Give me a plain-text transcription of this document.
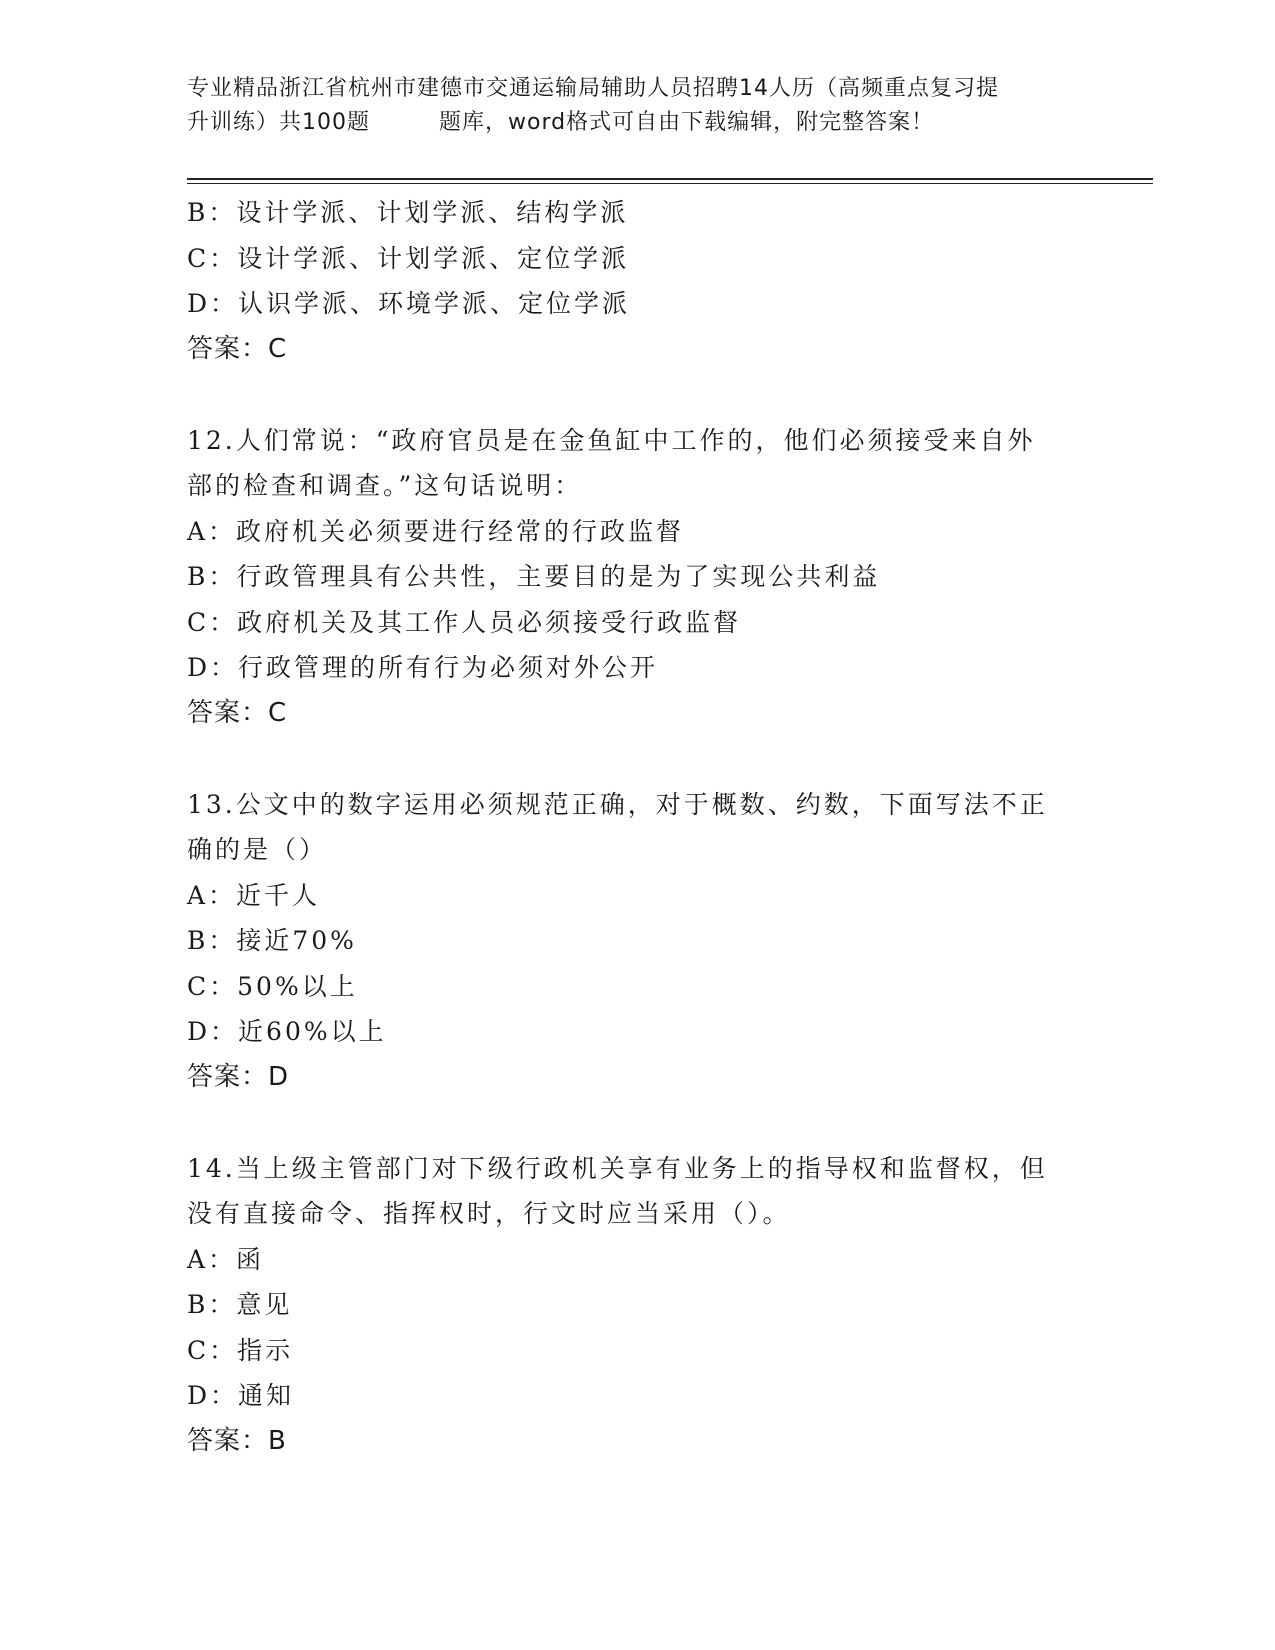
专业精品浙江省杭州市建德市交通运输局辅助人员招聘14人历（高频重点复习提
升训练）共100题　　　题库，word格式可自由下载编辑，附完整答案！
B：设计学派、计划学派、结构学派
C：设计学派、计划学派、定位学派
D：认识学派、环境学派、定位学派
答案：C
12.人们常说：“政府官员是在金鱼缸中工作的，他们必须接受来自外
部的检查和调查。”这句话说明：
A：政府机关必须要进行经常的行政监督
B：行政管理具有公共性，主要目的是为了实现公共利益
C：政府机关及其工作人员必须接受行政监督
D：行政管理的所有行为必须对外公开
答案：C
13.公文中的数字运用必须规范正确，对于概数、约数，下面写法不正
确的是（）
A：近千人
B：接近70%
C：50%以上
D：近60%以上
答案：D
14.当上级主管部门对下级行政机关享有业务上的指导权和监督权，但
没有直接命令、指挥权时，行文时应当采用（）。
A：函
B：意见
C：指示
D：通知
答案：B
